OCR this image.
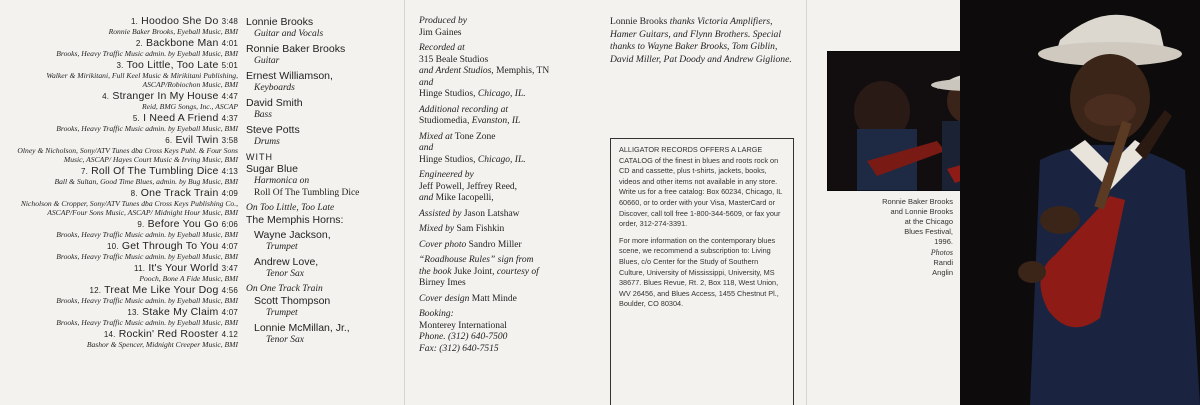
1. Hoodoo She Do 3:48
Ronnie Baker Brooks, Eyeball Music, BMI
2. Backbone Man 4:01
Brooks, Heavy Traffic Music admin. by Eyeball Music, BMI
3. Too Little, Too Late 5:01
Walker & Mirikitani, Full Keel Music & Mirikitani Publishing, ASCAP/Robiochon Music, BMI
4. Stranger In My House 4:47
Reid, BMG Songs, Inc., ASCAP
5. I Need A Friend 4:37
Brooks, Heavy Traffic Music admin. by Eyeball Music, BMI
6. Evil Twin 3:58
Olney & Nicholson, Sony/ATV Tunes dba Cross Keys Publ. & Four Sons Music, ASCAP/ Hayes Court Music & Irving Music, BMI
7. Roll Of The Tumbling Dice 4:13
Ball & Sultan, Good Time Blues, admin. by Bug Music, BMI
8. One Track Train 4:09
Nicholson & Cropper, Sony/ATV Tunes dba Cross Keys Publishing Co., ASCAP/Four Sons Music, ASCAP/ Midnight Hour Music, BMI
9. Before You Go 6:06
Brooks, Heavy Traffic Music admin. by Eyeball Music, BMI
10. Get Through To You 4:07
Brooks, Heavy Traffic Music admin. by Eyeball Music, BMI
11. It's Your World 3:47
Pooch, Bone A Fide Music, BMI
12. Treat Me Like Your Dog 4:56
Brooks, Heavy Traffic Music admin. by Eyeball Music, BMI
13. Stake My Claim 4:07
Brooks, Heavy Traffic Music admin. by Eyeball Music, BMI
14. Rockin' Red Rooster 4.12
Bashor & Spencer, Midnight Creeper Music, BMI
Lonnie Brooks
Guitar and Vocals
Ronnie Baker Brooks
Guitar
Ernest Williamson,
Keyboards
David Smith
Bass
Steve Potts
Drums
WITH
Sugar Blue
Harmonica on
Roll Of The Tumbling Dice
On Too Little, Too Late
The Memphis Horns:
Wayne Jackson,
Trumpet
Andrew Love,
Tenor Sax
On One Track Train
Scott Thompson
Trumpet
Lonnie McMillan, Jr.,
Tenor Sax
Produced by
Jim Gaines
Recorded at
315 Beale Studios
and Ardent Studios, Memphis, TN
and
Hinge Studios, Chicago, IL.
Additional recording at
Studiomedia, Evanston, IL
Mixed at Tone Zone
and
Hinge Studios, Chicago, IL.
Engineered by
Jeff Powell, Jeffrey Reed,
and Mike Iacopelli,
Assisted by Jason Latshaw
Mixed by Sam Fishkin
Cover photo Sandro Miller
“Roadhouse Rules” sign from
the book Juke Joint, courtesy of
Birney Imes
Cover design Matt Minde
Booking:
Monterey International
Phone. (312) 640-7500
Fax: (312) 640-7515
Lonnie Brooks thanks Victoria Amplifiers, Hamer Guitars, and Flynn Brothers. Special thanks to Wayne Baker Brooks, Tom Giblin, David Miller, Pat Doody and Andrew Giglione.

ALLIGATOR RECORDS OFFERS A LARGE CATALOG of the finest in blues and roots rock on CD and cassette, plus t-shirts, jackets, books, videos and other items not available in any store. Write us for a free catalog: Box 60234, Chicago, IL 60660, or to order with your Visa, MasterCard or Discover, call toll free 1-800-344-5609, or fax your order, 312-274-3391.

For more information on the contemporary blues scene, we recommend a subscription to: Living Blues, c/o Center for the Study of Southern Culture, University of Mississippi, University, MS 38677. Blues Revue, Rt. 2, Box 118, West Union, WV 26456, and Blues Access, 1455 Chestnut Pl., Boulder, CO 80304.

Ronnie Baker Brooks
and Lonnie Brooks
at the Chicago
Blues Festival,
1996.
Photos
Randi
Anglin
